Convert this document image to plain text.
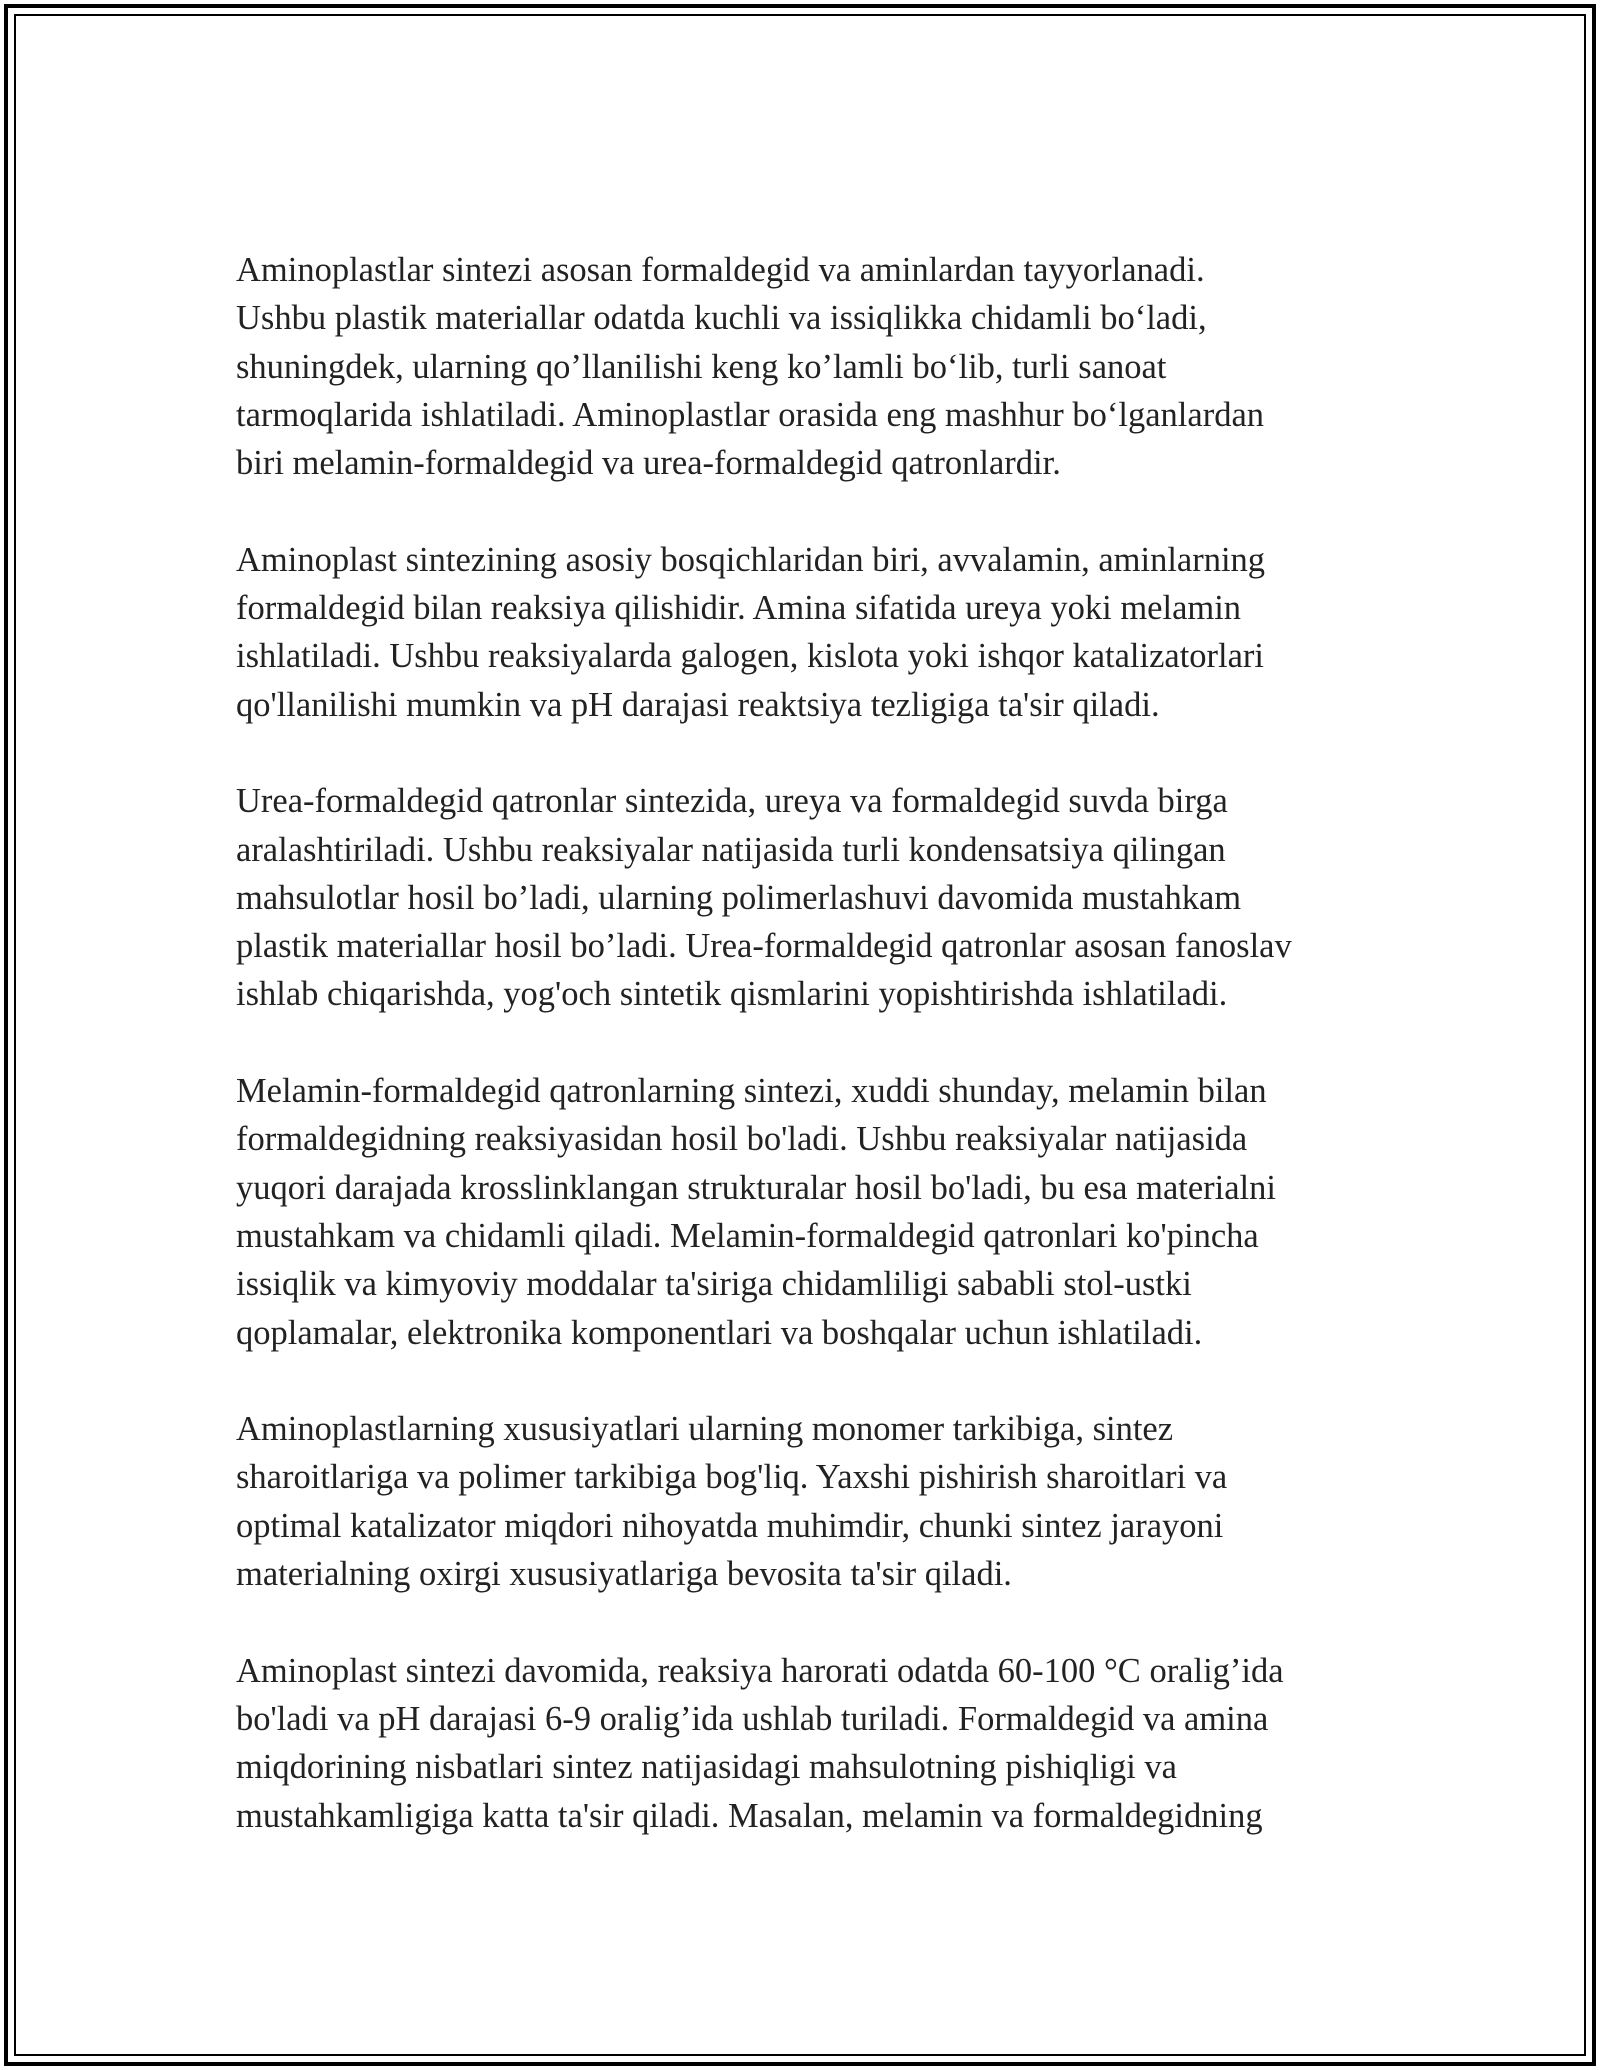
Aminoplastlar sintezi asosan formaldegid va aminlardan tayyorlanadi.
Ushbu plastik materiallar odatda kuchli va issiqlikka chidamli bo‘ladi,
shuningdek, ularning qo’llanilishi keng ko’lamli bo‘lib, turli sanoat
tarmoqlarida ishlatiladi. Aminoplastlar orasida eng mashhur bo‘lganlardan
biri melamin-formaldegid va urea-formaldegid qatronlardir.

Aminoplast sintezining asosiy bosqichlaridan biri, avvalamin, aminlarning
formaldegid bilan reaksiya qilishidir. Amina sifatida ureya yoki melamin
ishlatiladi. Ushbu reaksiyalarda galogen, kislota yoki ishqor katalizatorlari
qo'llanilishi mumkin va pH darajasi reaktsiya tezligiga ta'sir qiladi.

Urea-formaldegid qatronlar sintezida, ureya va formaldegid suvda birga
aralashtiriladi. Ushbu reaksiyalar natijasida turli kondensatsiya qilingan
mahsulotlar hosil bo’ladi, ularning polimerlashuvi davomida mustahkam
plastik materiallar hosil bo’ladi. Urea-formaldegid qatronlar asosan fanoslav
ishlab chiqarishda, yog'och sintetik qismlarini yopishtirishda ishlatiladi.

Melamin-formaldegid qatronlarning sintezi, xuddi shunday, melamin bilan
formaldegidning reaksiyasidan hosil bo'ladi. Ushbu reaksiyalar natijasida
yuqori darajada krosslinklangan strukturalar hosil bo'ladi, bu esa materialni
mustahkam va chidamli qiladi. Melamin-formaldegid qatronlari ko'pincha
issiqlik va kimyoviy moddalar ta'siriga chidamliligi sababli stol-ustki
qoplamalar, elektronika komponentlari va boshqalar uchun ishlatiladi.

Aminoplastlarning xususiyatlari ularning monomer tarkibiga, sintez
sharoitlariga va polimer tarkibiga bog'liq. Yaxshi pishirish sharoitlari va
optimal katalizator miqdori nihoyatda muhimdir, chunki sintez jarayoni
materialning oxirgi xususiyatlariga bevosita ta'sir qiladi.

Aminoplast sintezi davomida, reaksiya harorati odatda 60-100 °C oralig’ida
bo'ladi va pH darajasi 6-9 oralig’ida ushlab turiladi. Formaldegid va amina
miqdorining nisbatlari sintez natijasidagi mahsulotning pishiqligi va
mustahkamligiga katta ta'sir qiladi. Masalan, melamin va formaldegidning
